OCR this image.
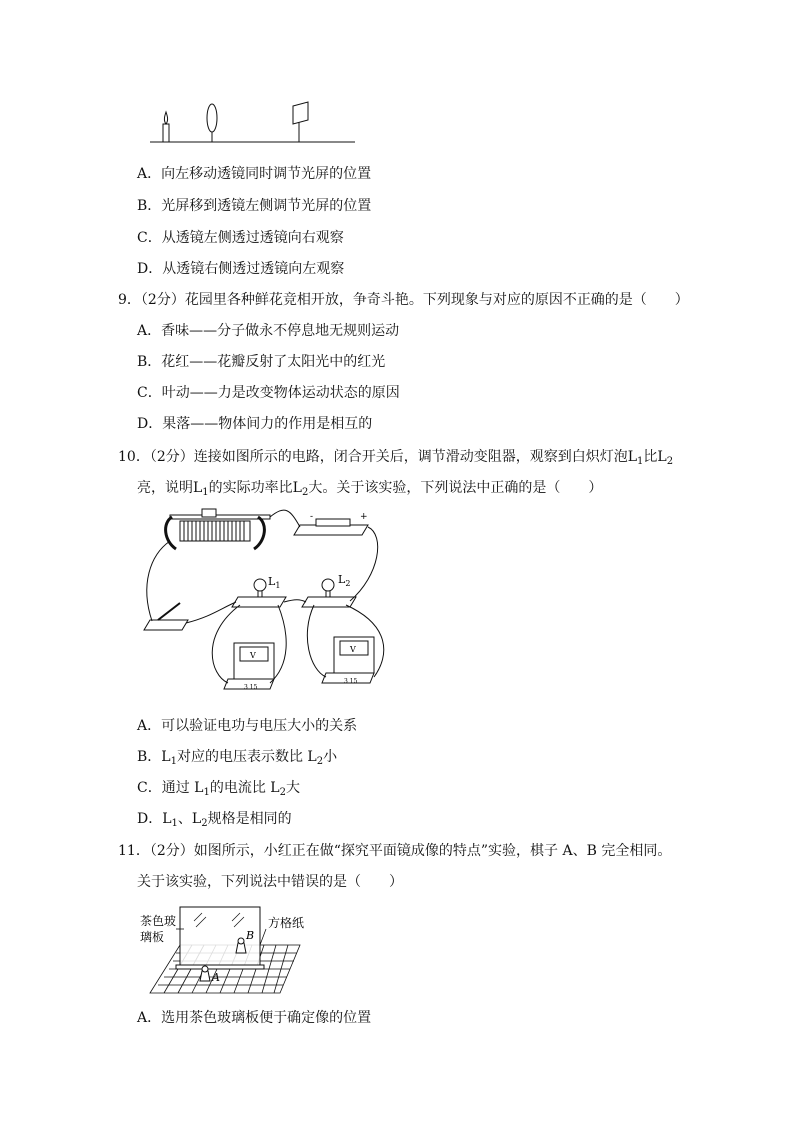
A．向左移动透镜同时调节光屏的位置
B．光屏移到透镜左侧调节光屏的位置
C．从透镜左侧透过透镜向右观察
D．从透镜右侧透过透镜向左观察
9．（2分）花园里各种鲜花竞相开放，争奇斗艳。下列现象与对应的原因不正确的是（　　）
A．香味——分子做永不停息地无规则运动
B．花红——花瓣反射了太阳光中的红光
C．叶动——力是改变物体运动状态的原因
D．果落——物体间力的作用是相互的
10．（2分）连接如图所示的电路，闭合开关后，调节滑动变阻器，观察到白炽灯泡$L_1$比$L_2$
亮，说明$L_1$的实际功率比$L_2$大。关于该实验，下列说法中正确的是（　　）
-	+
$L_1$	$L_2$
V
3 15
V
3 15
A．可以验证电功与电压大小的关系
B．$L_1$对应的电压表示数比 $L_2$小
C．通过 $L_1$的电流比 $L_2$大
D．$L_1$、$L_2$规格是相同的
11．（2分）如图所示，小红正在做“探究平面镜成像的特点”实验，棋子 A、B 完全相同。
关于该实验，下列说法中错误的是（　　）
B
A
茶色玻
璃板
方格纸
A．选用茶色玻璃板便于确定像的位置
